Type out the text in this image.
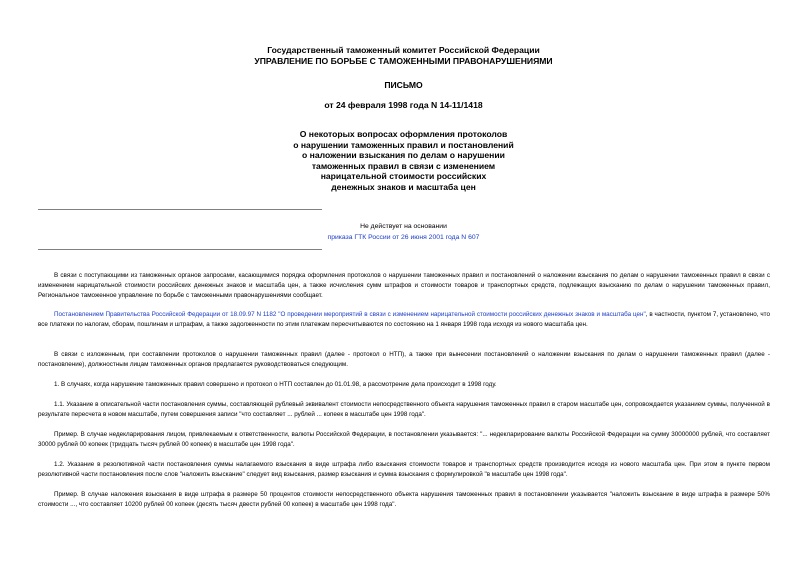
Государственный таможенный комитет Российской Федерации
УПРАВЛЕНИЕ ПО БОРЬБЕ С ТАМОЖЕННЫМИ ПРАВОНАРУШЕНИЯМИ
ПИСЬМО
от 24 февраля 1998 года N 14-11/1418
О некоторых вопросах оформления протоколов
о нарушении таможенных правил и постановлений
о наложении взыскания по делам о нарушении
таможенных правил в связи с изменением
нарицательной стоимости российских
денежных знаков и масштаба цен
Не действует на основании
приказа ГТК России от 26 июня 2001 года N 607
В связи с поступающими из таможенных органов запросами, касающимися порядка оформления протоколов о нарушении таможенных правил и постановлений о наложении взыскания по делам о нарушении таможенных правил в связи с изменением нарицательной стоимости российских денежных знаков и масштаба цен, а также исчисления сумм штрафов и стоимости товаров и транспортных средств, подлежащих взысканию по делам о нарушении таможенных правил, Региональное таможенное управление по борьбе с таможенными правонарушениями сообщает.
Постановлением Правительства Российской Федерации от 18.09.97 N 1182 "О проведении мероприятий в связи с изменением нарицательной стоимости российских денежных знаков и масштаба цен", в частности, пунктом 7, установлено, что все платежи по налогам, сборам, пошлинам и штрафам, а также задолженности по этим платежам пересчитываются по состоянию на 1 января 1998 года исходя из нового масштаба цен.
В связи с изложенным, при составлении протоколов о нарушении таможенных правил (далее - протокол о НТП), а также при вынесении постановлений о наложении взыскания по делам о нарушении таможенных правил (далее - постановление), должностным лицам таможенных органов предлагается руководствоваться следующим.
1. В случаях, когда нарушение таможенных правил совершено и протокол о НТП составлен до 01.01.98, а рассмотрение дела происходит в 1998 году.
1.1. Указание в описательной части постановления суммы, составляющей рублевый эквивалент стоимости непосредственного объекта нарушения таможенных правил в старом масштабе цен, сопровождается указанием суммы, полученной в результате пересчета в новом масштабе, путем совершения записи "что составляет ... рублей ... копеек в масштабе цен 1998 года".
Пример. В случае недекларирования лицом, привлекаемым к ответственности, валюты Российской Федерации, в постановлении указывается: "... недекларирование валюты Российской Федерации на сумму 30000000 рублей, что составляет 30000 рублей 00 копеек (тридцать тысяч рублей 00 копеек) в масштабе цен 1998 года".
1.2. Указание в резолютивной части постановления суммы налагаемого взыскания в виде штрафа либо взыскания стоимости товаров и транспортных средств производится исходя из нового масштаба цен. При этом в пункте первом резолютивной части постановления после слов "наложить взыскание" следует вид взыскания, размер взыскания и сумма взыскания с формулировкой "в масштабе цен 1998 года".
Пример. В случае наложения взыскания в виде штрафа в размере 50 процентов стоимости непосредственного объекта нарушения таможенных правил в постановлении указывается "наложить взыскание в виде штрафа в размере 50% стоимости ..., что составляет 10200 рублей 00 копеек (десять тысяч двести рублей 00 копеек) в масштабе цен 1998 года".
